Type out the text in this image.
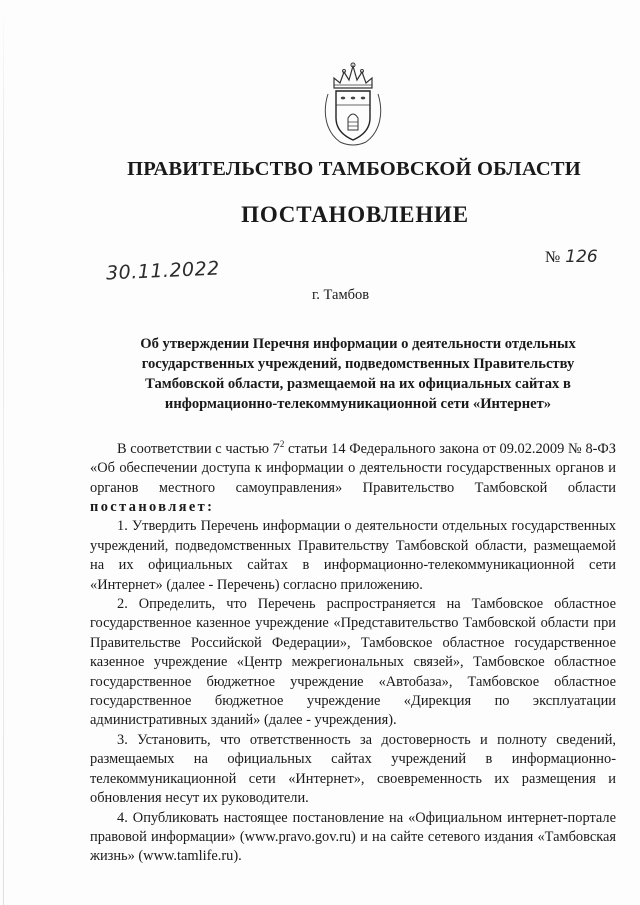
ПРАВИТЕЛЬСТВО ТАМБОВСКОЙ ОБЛАСТИ
ПОСТАНОВЛЕНИЕ
30.11.2022
№ 126
г. Тамбов
Об утверждении Перечня информации о деятельности отдельных государственных учреждений, подведомственных Правительству Тамбовской области, размещаемой на их официальных сайтах в информационно-телекоммуникационной сети «Интернет»

В соответствии с частью $7^2$ статьи 14 Федерального закона от 09.02.2009 № 8-ФЗ «Об обеспечении доступа к информации о деятельности государственных органов и органов местного самоуправления» Правительство Тамбовской области постановляет:

1. Утвердить Перечень информации о деятельности отдельных государственных учреждений, подведомственных Правительству Тамбовской области, размещаемой на их официальных сайтах в информационно-телекоммуникационной сети «Интернет» (далее - Перечень) согласно приложению.

2. Определить, что Перечень распространяется на Тамбовское областное государственное казенное учреждение «Представительство Тамбовской области при Правительстве Российской Федерации», Тамбовское областное государственное казенное учреждение «Центр межрегиональных связей», Тамбовское областное государственное бюджетное учреждение «Автобаза», Тамбовское областное государственное бюджетное учреждение «Дирекция по эксплуатации административных зданий» (далее - учреждения).

3. Установить, что ответственность за достоверность и полноту сведений, размещаемых на официальных сайтах учреждений в информационно-телекоммуникационной сети «Интернет», своевременность их размещения и обновления несут их руководители.

4. Опубликовать настоящее постановление на «Официальном интернет-портале правовой информации» (www.pravo.gov.ru) и на сайте сетевого издания «Тамбовская жизнь» (www.tamlife.ru).
